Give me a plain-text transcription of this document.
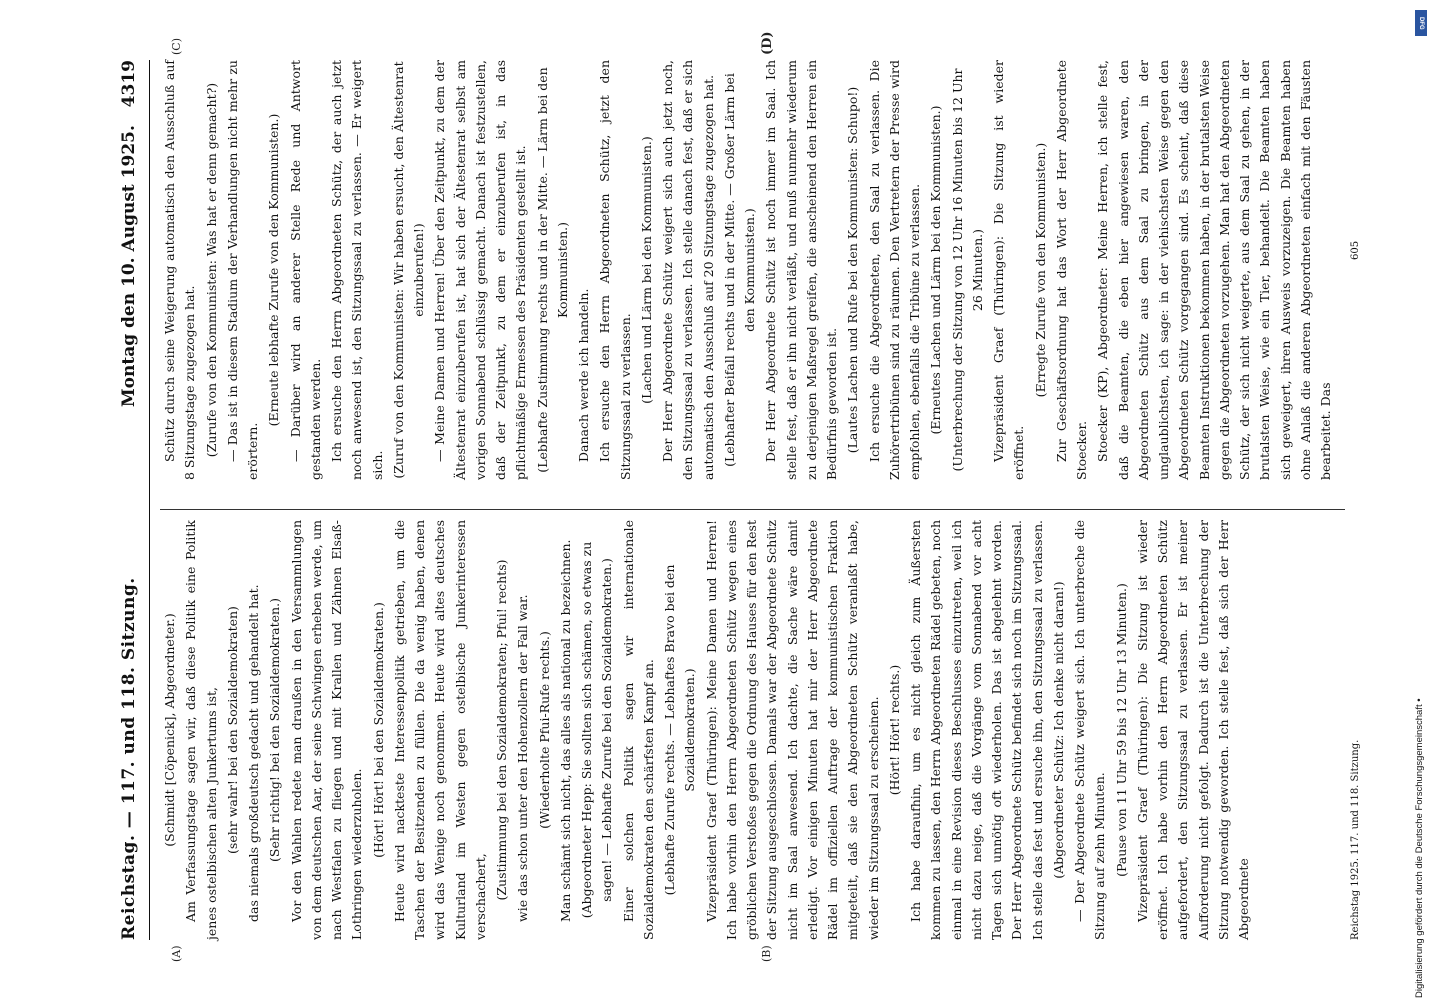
Reichstag. — 117. und 118. Sitzung.
Montag den 10. August 1925.   4319
(A)	(B)
(C)	(D)

(Schmidt [Cöpenick], Abgeordneter.) Am Verfassungstage sagen wir, daß diese Politik eine Politik jenes ostelbischen alten Junkertums ist, (sehr wahr! bei den Sozialdemokraten) das niemals großdeutsch gedacht und gehandelt hat. (Sehr richtig! bei den Sozialdemokraten.) Vor den Wahlen redete man draußen in den Versammlungen von dem deutschen Aar, der seine Schwingen erheben werde, um nach Westfalen zu fliegen und mit Krallen und Zähnen Elsaß-Lothringen wiederzuholen. (Hört! Hört! bei den Sozialdemokraten.) Heute wird nackteste Interessenpolitik getrieben, um die Taschen der Besitzenden zu füllen. Die da wenig haben, denen wird das Wenige noch genommen. Heute wird altes deutsches Kulturland im Westen gegen ostelbische Junkerinteressen verschachert, (Zustimmung bei den Sozialdemokraten; Pfui! rechts) wie das schon unter den Hohenzollern der Fall war. (Wiederholte Pfui-Rufe rechts.) Man schämt sich nicht, das alles als national zu bezeichnen. (Abgeordneter Hepp: Sie sollten sich schämen, so etwas zu sagen! — Lebhafte Zurufe bei den Sozialdemokraten.) Einer solchen Politik sagen wir internationale Sozialdemokraten den schärfsten Kampf an. (Lebhafte Zurufe rechts. — Lebhaftes Bravo bei den Sozialdemokraten.) Vizepräsident Graef (Thüringen): Meine Damen und Herren! Ich habe vorhin den Herrn Abgeordneten Schütz wegen eines gröblichen Verstoßes gegen die Ordnung des Hauses für den Rest der Sitzung ausgeschlossen. Damals war der Abgeordnete Schütz nicht im Saal anwesend. Ich dachte, die Sache wäre damit erledigt. Vor einigen Minuten hat mir der Herr Abgeordnete Rädel im offiziellen Auftrage der kommunistischen Fraktion mitgeteilt, daß sie den Abgeordneten Schütz veranlaßt habe, wieder im Sitzungssaal zu erscheinen. (Hört! Hört! rechts.) Ich habe daraufhin, um es nicht gleich zum Äußersten kommen zu lassen, den Herrn Abgeordneten Rädel gebeten, noch einmal in eine Revision dieses Beschlusses einzutreten, weil ich nicht dazu neige, daß die Vorgänge vom Sonnabend vor acht Tagen sich unnötig oft wiederholen. Das ist abgelehnt worden. Der Herr Abgeordnete Schütz befindet sich noch im Sitzungssaal. Ich stelle das fest und ersuche ihn, den Sitzungssaal zu verlassen. (Abgeordneter Schütz: Ich denke nicht daran!) — Der Abgeordnete Schütz weigert sich. Ich unterbreche die Sitzung auf zehn Minuten. (Pause von 11 Uhr 59 bis 12 Uhr 13 Minuten.) Vizepräsident Graef (Thüringen): Die Sitzung ist wieder eröffnet. Ich habe vorhin den Herrn Abgeordneten Schütz aufgefordert, den Sitzungssaal zu verlassen. Er ist meiner Aufforderung nicht gefolgt. Dadurch ist die Unterbrechung der Sitzung notwendig geworden. Ich stelle fest, daß sich der Herr Abgeordnete

Schütz durch seine Weigerung automatisch den Ausschluß auf 8 Sitzungstage zugezogen hat. (Zurufe von den Kommunisten: Was hat er denn gemacht?) — Das ist in diesem Stadium der Verhandlungen nicht mehr zu erörtern.

(Erneute lebhafte Zurufe von den Kommunisten.) — Darüber wird an anderer Stelle Rede und Antwort gestanden werden. Ich ersuche den Herrn Abgeordneten Schütz, der auch jetzt noch anwesend ist, den Sitzungssaal zu verlassen. — Er weigert sich. (Zuruf von den Kommunisten: Wir haben ersucht, den Ältestenrat einzuberufen!) — Meine Damen und Herren! Über den Zeitpunkt, zu dem der Ältestenrat einzuberufen ist, hat sich der Ältestenrat selbst am vorigen Sonnabend schlüssig gemacht. Danach ist festzustellen, daß der Zeitpunkt, zu dem er einzuberufen ist, in das pflichtmäßige Ermessen des Präsidenten gestellt ist. (Lebhafte Zustimmung rechts und in der Mitte. — Lärm bei den Kommunisten.)

Danach werde ich handeln. Ich ersuche den Herrn Abgeordneten Schütz, jetzt den Sitzungssaal zu verlassen. (Lachen und Lärm bei den Kommunisten.) Der Herr Abgeordnete Schütz weigert sich auch jetzt noch, den Sitzungssaal zu verlassen. Ich stelle danach fest, daß er sich automatisch den Ausschluß auf 20 Sitzungstage zugezogen hat. (Lebhafter Beifall rechts und in der Mitte. — Großer Lärm bei den Kommunisten.) Der Herr Abgeordnete Schütz ist noch immer im Saal. Ich stelle fest, daß er ihn nicht verläßt, und muß nunmehr wiederum zu derjenigen Maßregel greifen, die anscheinend den Herren ein Bedürfnis geworden ist. (Lautes Lachen und Rufe bei den Kommunisten: Schupo!) Ich ersuche die Abgeordneten, den Saal zu verlassen. Die Zuhörertribünen sind zu räumen. Den Vertretern der Presse wird empfohlen, ebenfalls die Tribüne zu verlassen. (Erneutes Lachen und Lärm bei den Kommunisten.) (Unterbrechung der Sitzung von 12 Uhr 16 Minuten bis 12 Uhr 26 Minuten.) Vizepräsident Graef (Thüringen): Die Sitzung ist wieder eröffnet.

(Erregte Zurufe von den Kommunisten.) Zur Geschäftsordnung hat das Wort der Herr Abgeordnete Stoecker. Stoecker (KP), Abgeordneter: Meine Herren, ich stelle fest, daß die Beamten, die eben hier angewiesen waren, den Abgeordneten Schütz aus dem Saal zu bringen, in der unglaublichsten, ich sage: in der viehischsten Weise gegen den Abgeordneten Schütz vorgegangen sind. Es scheint, daß diese Beamten Instruktionen bekommen haben, in der brutalsten Weise gegen die Abgeordneten vorzugehen. Man hat den Abgeordneten Schütz, der sich nicht weigerte, aus dem Saal zu gehen, in der brutalsten Weise, wie ein Tier, behandelt. Die Beamten haben sich geweigert, ihren Ausweis vorzuzeigen. Die Beamten haben ohne Anlaß die anderen Abgeordneten einfach mit den Fäusten bearbeitet. Das

Reichstag 1925. 117. und 118. Sitzung.
605
Digitalisierung gefördert durch die Deutsche Forschungsgemeinschaft •
DFG
